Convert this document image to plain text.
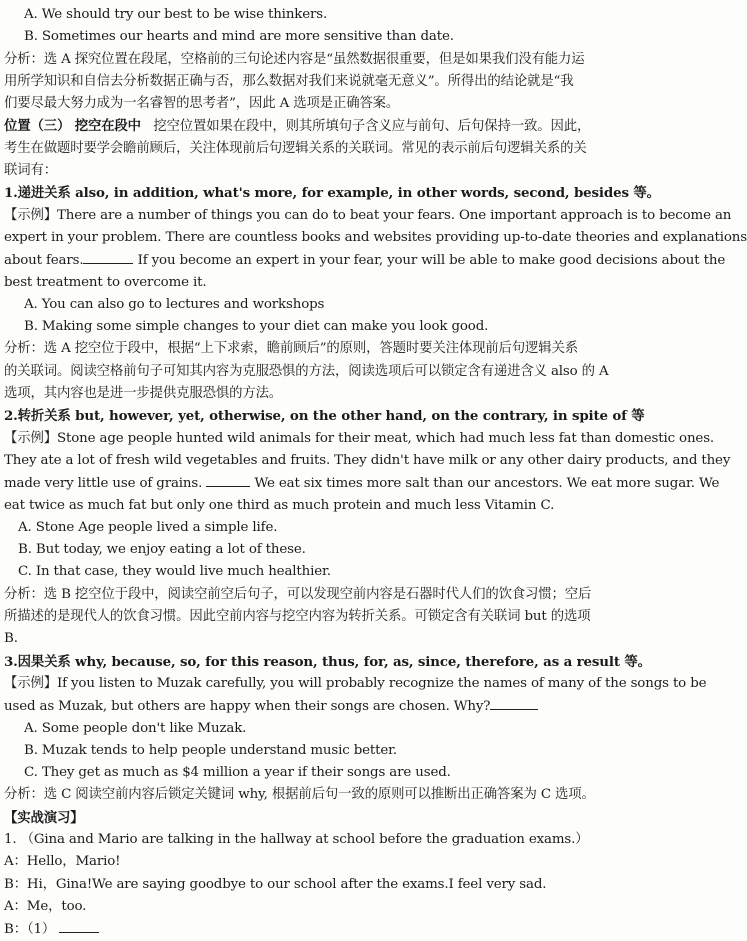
A. We should try our best to be wise thinkers.
B. Sometimes our hearts and mind are more sensitive than date.
分析：选 A 探究位置在段尾，空格前的三句论述内容是“虽然数据很重要，但是如果我们没有能力运
用所学知识和自信去分析数据正确与否，那么数据对我们来说就毫无意义”。所得出的结论就是“我
们要尽最大努力成为一名睿智的思考者”，因此 A 选项是正确答案。
位置（三） 挖空在段中 挖空位置如果在段中，则其所填句子含义应与前句、后句保持一致。因此，
考生在做题时要学会瞻前顾后，关注体现前后句逻辑关系的关联词。常见的表示前后句逻辑关系的关
联词有：
1.递进关系 also, in addition, what's more, for example, in other words, second, besides 等。
【示例】There are a number of things you can do to beat your fears. One important approach is to become an
expert in your problem. There are countless books and websites providing up-to-date theories and explanations
about fears.	If you become an expert in your fear, your will be able to make good decisions about the
best treatment to overcome it.
A. You can also go to lectures and workshops
B. Making some simple changes to your diet can make you look good.
分析：选 A 挖空位于段中，根据“上下求索，瞻前顾后”的原则，答题时要关注体现前后句逻辑关系
的关联词。阅读空格前句子可知其内容为克服恐惧的方法，阅读选项后可以锁定含有递进含义 also 的 A
选项，其内容也是进一步提供克服恐惧的方法。
2.转折关系 but, however, yet, otherwise, on the other hand, on the contrary, in spite of 等
【示例】Stone age people hunted wild animals for their meat, which had much less fat than domestic ones.
They ate a lot of fresh wild vegetables and fruits. They didn't have milk or any other dairy products, and they
made very little use of grains.	We eat six times more salt than our ancestors. We eat more sugar. We
eat twice as much fat but only one third as much protein and much less Vitamin C.
A. Stone Age people lived a simple life.
B. But today, we enjoy eating a lot of these.
C. In that case, they would live much healthier.
分析：选 B 挖空位于段中，阅读空前空后句子，可以发现空前内容是石器时代人们的饮食习惯；空后
所描述的是现代人的饮食习惯。因此空前内容与挖空内容为转折关系。可锁定含有关联词 but 的选项
B.
3.因果关系 why, because, so, for this reason, thus, for, as, since, therefore, as a result 等。
【示例】If you listen to Muzak carefully, you will probably recognize the names of many of the songs to be
used as Muzak, but others are happy when their songs are chosen. Why?
A. Some people don't like Muzak.
B. Muzak tends to help people understand music better.
C. They get as much as $4 million a year if their songs are used.
分析：选 C 阅读空前内容后锁定关键词 why, 根据前后句一致的原则可以推断出正确答案为 C 选项。
【实战演习】
1. （Gina and Mario are talking in the hallway at school before the graduation exams.）
A：Hello，Mario!
B：Hi，Gina!We are saying goodbye to our school after the exams.I feel very sad.
A：Me，too.
B：（1）
